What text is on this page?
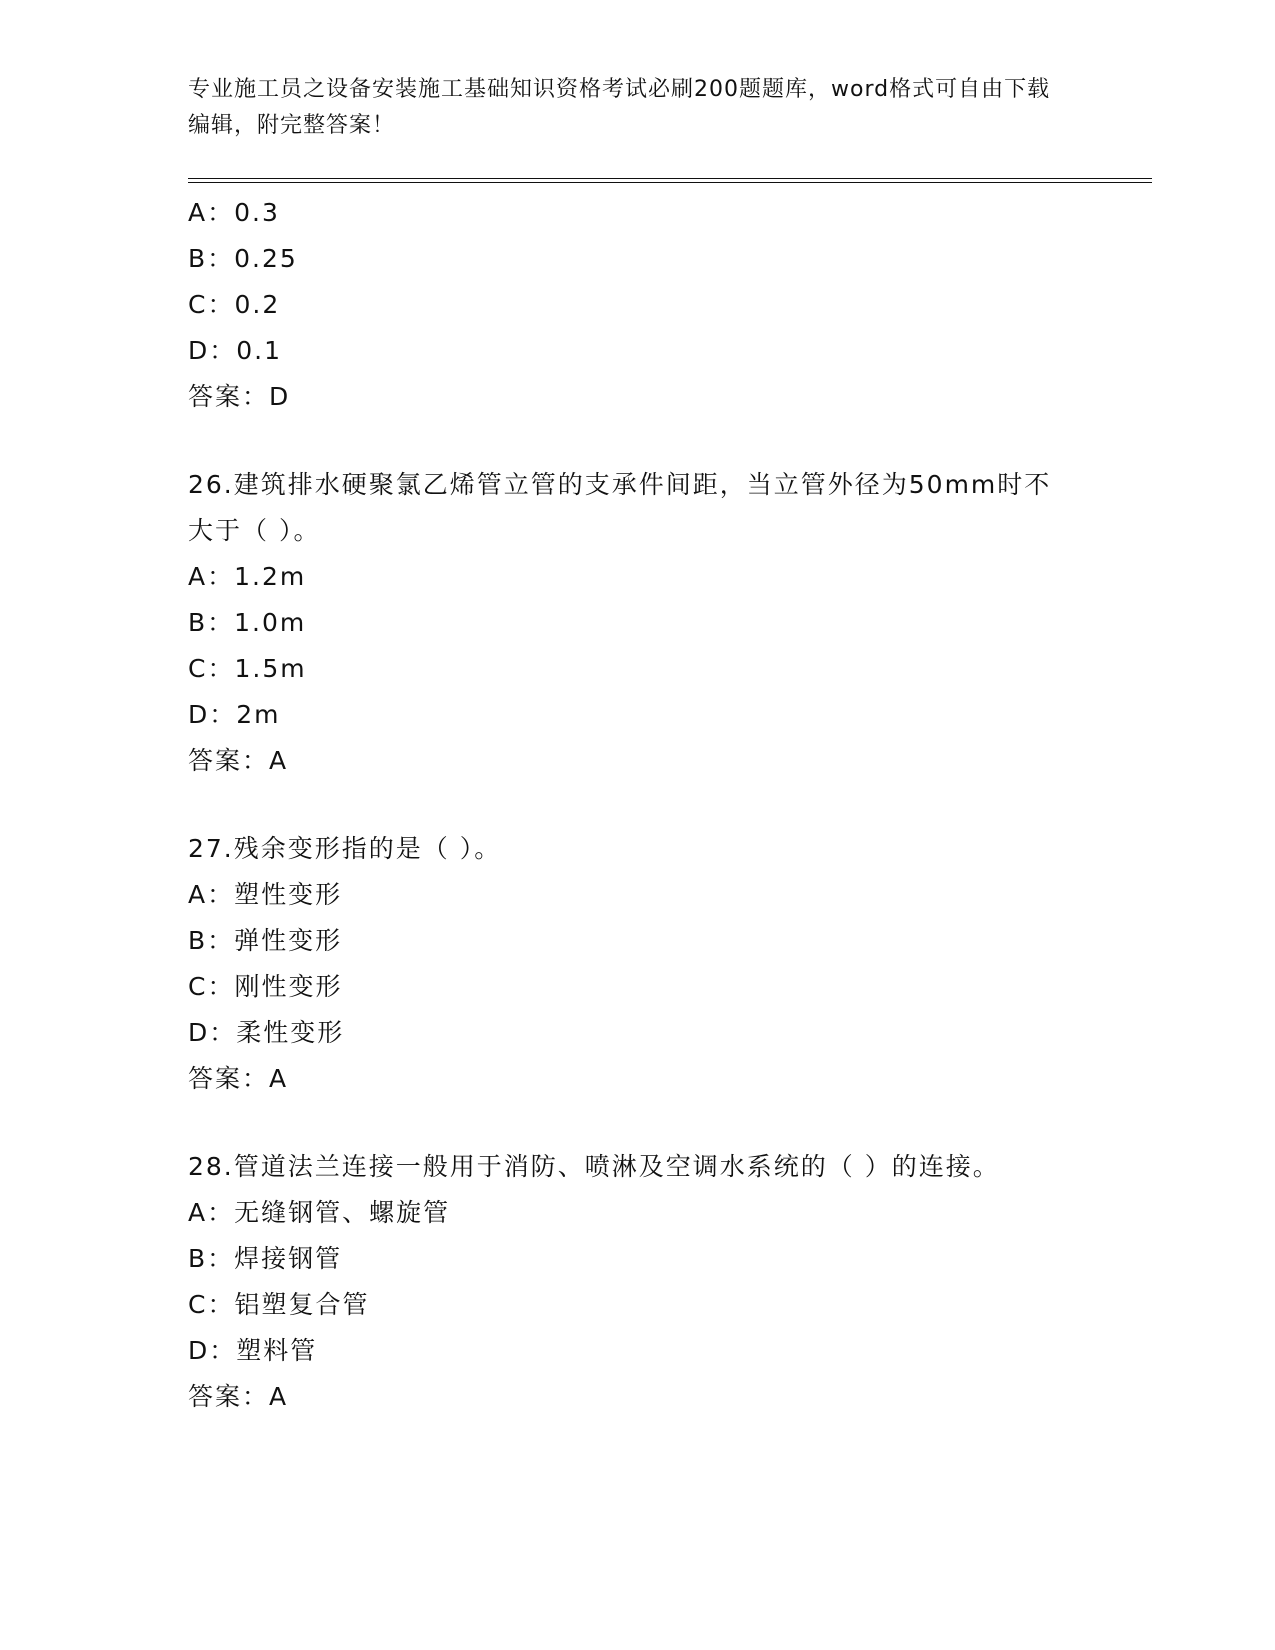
专业施工员之设备安装施工基础知识资格考试必刷200题题库，word格式可自由下载编辑，附完整答案！
A：0.3
B：0.25
C：0.2
D：0.1
答案：D
26.建筑排水硬聚氯乙烯管立管的支承件间距，当立管外径为50mm时不大于（ ）。
A：1.2m
B：1.0m
C：1.5m
D：2m
答案：A
27.残余变形指的是（ ）。
A：塑性变形
B：弹性变形
C：刚性变形
D：柔性变形
答案：A
28.管道法兰连接一般用于消防、喷淋及空调水系统的（ ）的连接。
A：无缝钢管、螺旋管
B：焊接钢管
C：铝塑复合管
D：塑料管
答案：A
